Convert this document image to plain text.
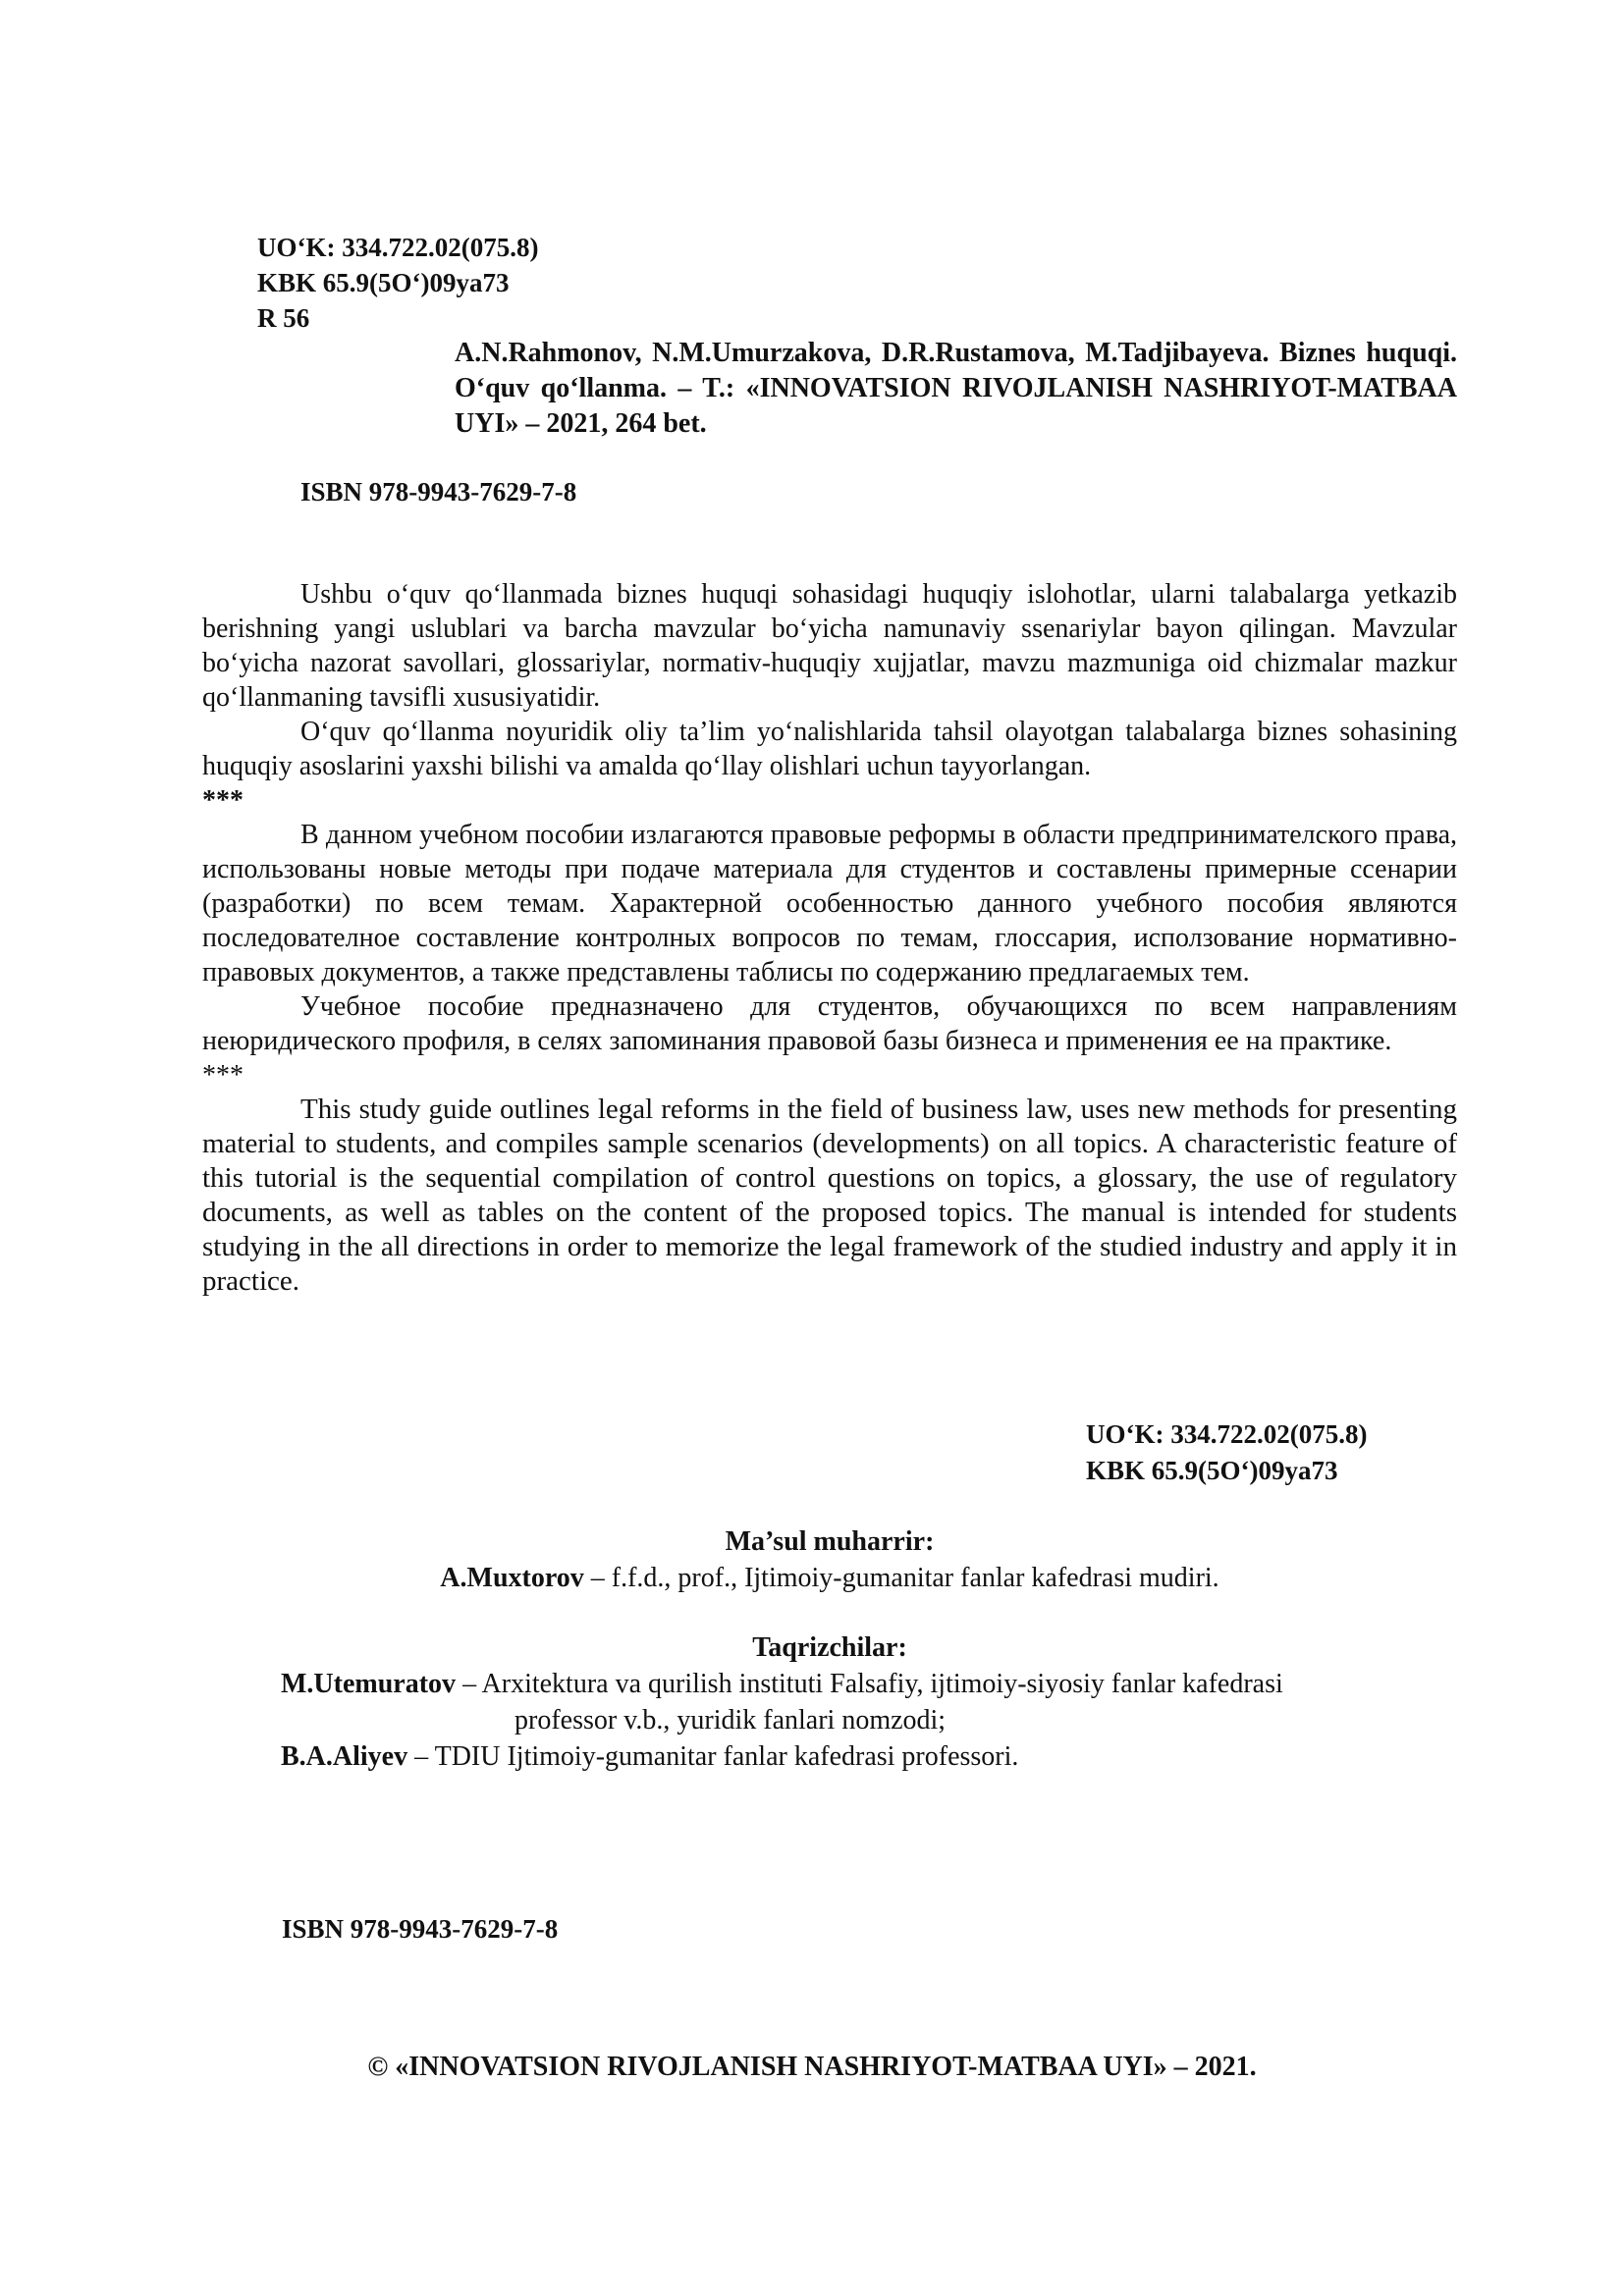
UO‘K: 334.722.02(075.8)
KBK 65.9(5O‘)09ya73
R 56

A.N.Rahmonov, N.M.Umurzakova, D.R.Rustamova, M.Tadjibayeva. Biznes huquqi. O‘quv qo‘llanma. – T.: «INNOVATSION RIVOJLANISH NASHRIYOT-MATBAA UYI» – 2021, 264 bet.

ISBN 978-9943-7629-7-8

Ushbu o‘quv qo‘llanmada biznes huquqi sohasidagi huquqiy islohotlar, ularni talabalarga yetkazib berishning yangi uslublari va barcha mavzular bo‘yicha namunaviy ssenariylar bayon qilingan. Mavzular bo‘yicha nazorat savollari, glossariylar, normativ-huquqiy xujjatlar, mavzu mazmuniga oid chizmalar mazkur qo‘llanmaning tavsifli xususiyatidir.

O‘quv qo‘llanma noyuridik oliy ta’lim yo‘nalishlarida tahsil olayotgan talabalarga biznes sohasining huquqiy asoslarini yaxshi bilishi va amalda qo‘llay olishlari uchun tayyorlangan.

***

В данном учебном пособии излагаются правовые реформы в области предпринимателского права, использованы новые методы при подаче материала для студентов и составлены примерные ссенарии (разработки) по всем темам. Характерной особенностью данного учебного пособия являются последователное составление контролных вопросов по темам, глоссария, исползование нормативно-правовых документов, а также представлены таблисы по содержанию предлагаемых тем.

Учебное пособие предназначено для студентов, обучающихся по всем направлениям неюридического профиля, в селях запоминания правовой базы бизнеса и применения ее на практике.

***

This study guide outlines legal reforms in the field of business law, uses new methods for presenting material to students, and compiles sample scenarios (developments) on all topics. A characteristic feature of this tutorial is the sequential compilation of control questions on topics, a glossary, the use of regulatory documents, as well as tables on the content of the proposed topics. The manual is intended for students studying in the all directions in order to memorize the legal framework of the studied industry and apply it in practice.

UO‘K: 334.722.02(075.8)
KBK 65.9(5O‘)09ya73
Ma’sul muharrir:
A.Muxtorov – f.f.d., prof., Ijtimoiy-gumanitar fanlar kafedrasi mudiri.
Taqrizchilar:
M.Utemuratov – Arxitektura va qurilish instituti Falsafiy, ijtimoiy-siyosiy fanlar kafedrasi
professor v.b., yuridik fanlari nomzodi;
B.A.Aliyev – TDIU Ijtimoiy-gumanitar fanlar kafedrasi professori.
ISBN 978-9943-7629-7-8
© «INNOVATSION RIVOJLANISH NASHRIYOT-MATBAA UYI» – 2021.
